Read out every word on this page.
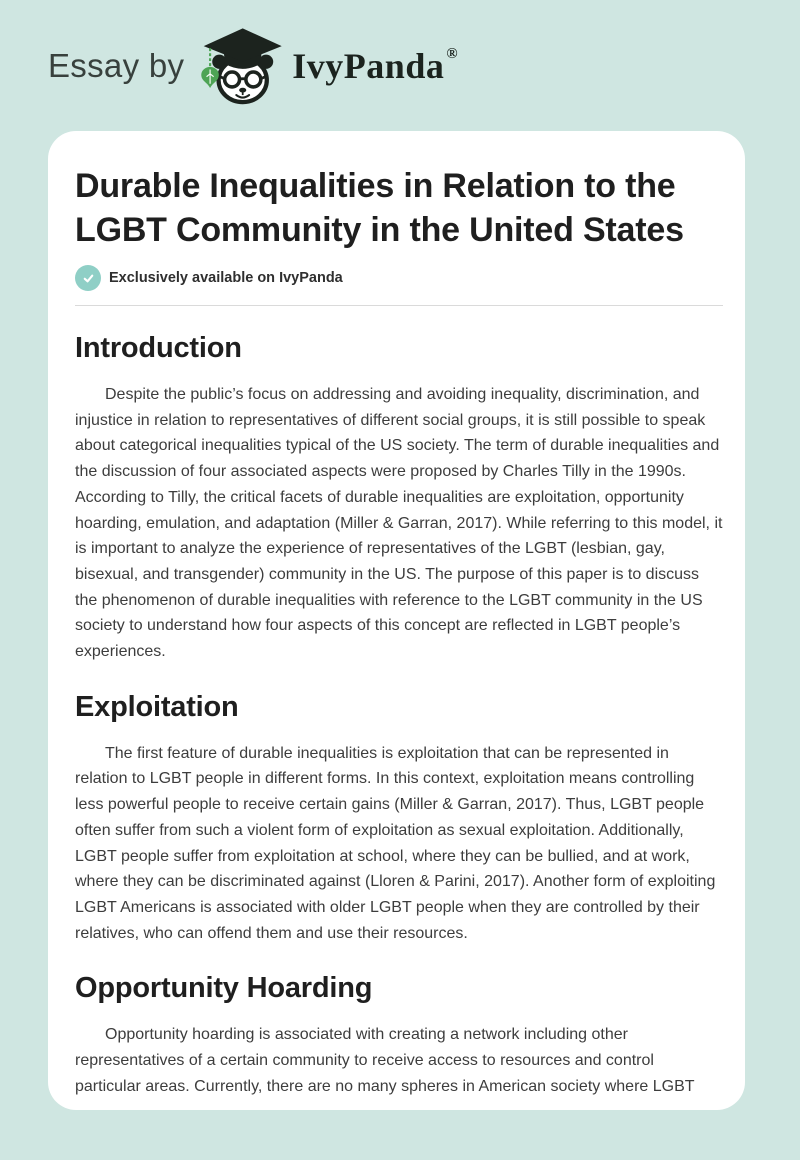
Essay by	IvyPanda ®
Durable Inequalities in Relation to the LGBT Community in the United States
Exclusively available on IvyPanda
Introduction

Despite the public’s focus on addressing and avoiding inequality, discrimination, and injustice in relation to representatives of different social groups, it is still possible to speak about categorical inequalities typical of the US society. The term of durable inequalities and the discussion of four associated aspects were proposed by Charles Tilly in the 1990s. According to Tilly, the critical facets of durable inequalities are exploitation, opportunity hoarding, emulation, and adaptation (Miller & Garran, 2017). While referring to this model, it is important to analyze the experience of representatives of the LGBT (lesbian, gay, bisexual, and transgender) community in the US. The purpose of this paper is to discuss the phenomenon of durable inequalities with reference to the LGBT community in the US society to understand how four aspects of this concept are reflected in LGBT people’s experiences.

Exploitation

The first feature of durable inequalities is exploitation that can be represented in relation to LGBT people in different forms. In this context, exploitation means controlling less powerful people to receive certain gains (Miller & Garran, 2017). Thus, LGBT people often suffer from such a violent form of exploitation as sexual exploitation. Additionally, LGBT people suffer from exploitation at school, where they can be bullied, and at work, where they can be discriminated against (Lloren & Parini, 2017). Another form of exploiting LGBT Americans is associated with older LGBT people when they are controlled by their relatives, who can offend them and use their resources.

Opportunity Hoarding

Opportunity hoarding is associated with creating a network including other representatives of a certain community to receive access to resources and control particular areas. Currently, there are no many spheres in American society where LGBT
